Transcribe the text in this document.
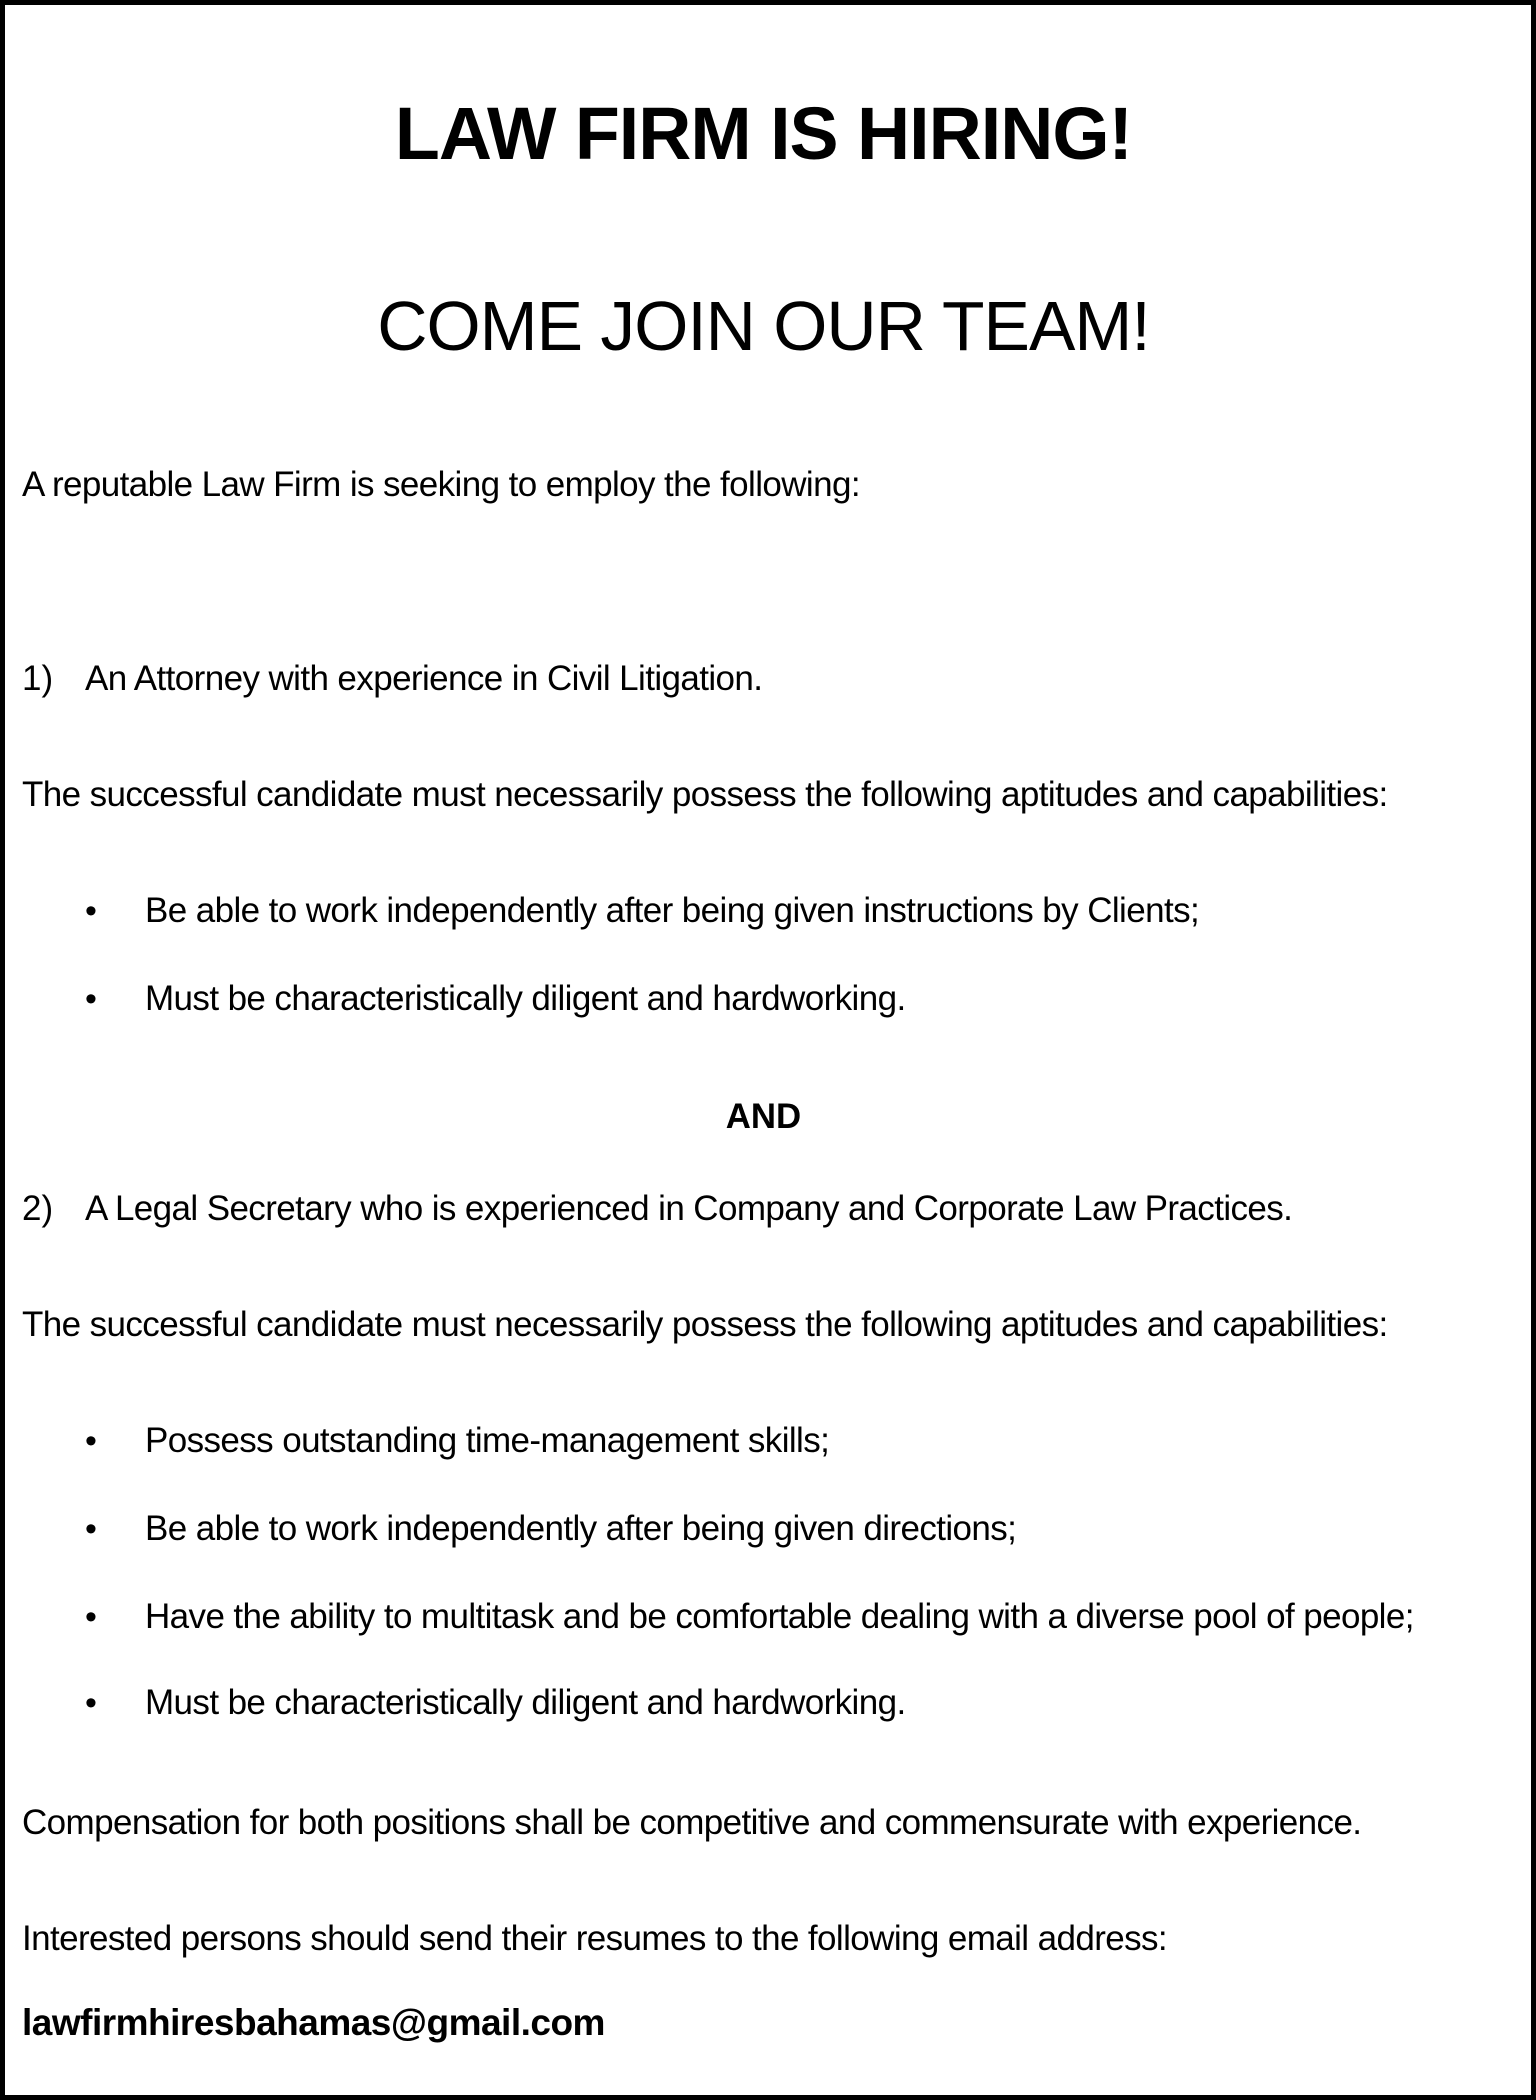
LAW FIRM IS HIRING!
COME JOIN OUR TEAM!
A reputable Law Firm is seeking to employ the following:
1) An Attorney with experience in Civil Litigation.
The successful candidate must necessarily possess the following aptitudes and capabilities:
• Be able to work independently after being given instructions by Clients;
• Must be characteristically diligent and hardworking.
AND
2) A Legal Secretary who is experienced in Company and Corporate Law Practices.
The successful candidate must necessarily possess the following aptitudes and capabilities:
• Possess outstanding time-management skills;
• Be able to work independently after being given directions;
• Have the ability to multitask and be comfortable dealing with a diverse pool of people;
• Must be characteristically diligent and hardworking.
Compensation for both positions shall be competitive and commensurate with experience.
Interested persons should send their resumes to the following email address:
lawfirmhiresbahamas@gmail.com
